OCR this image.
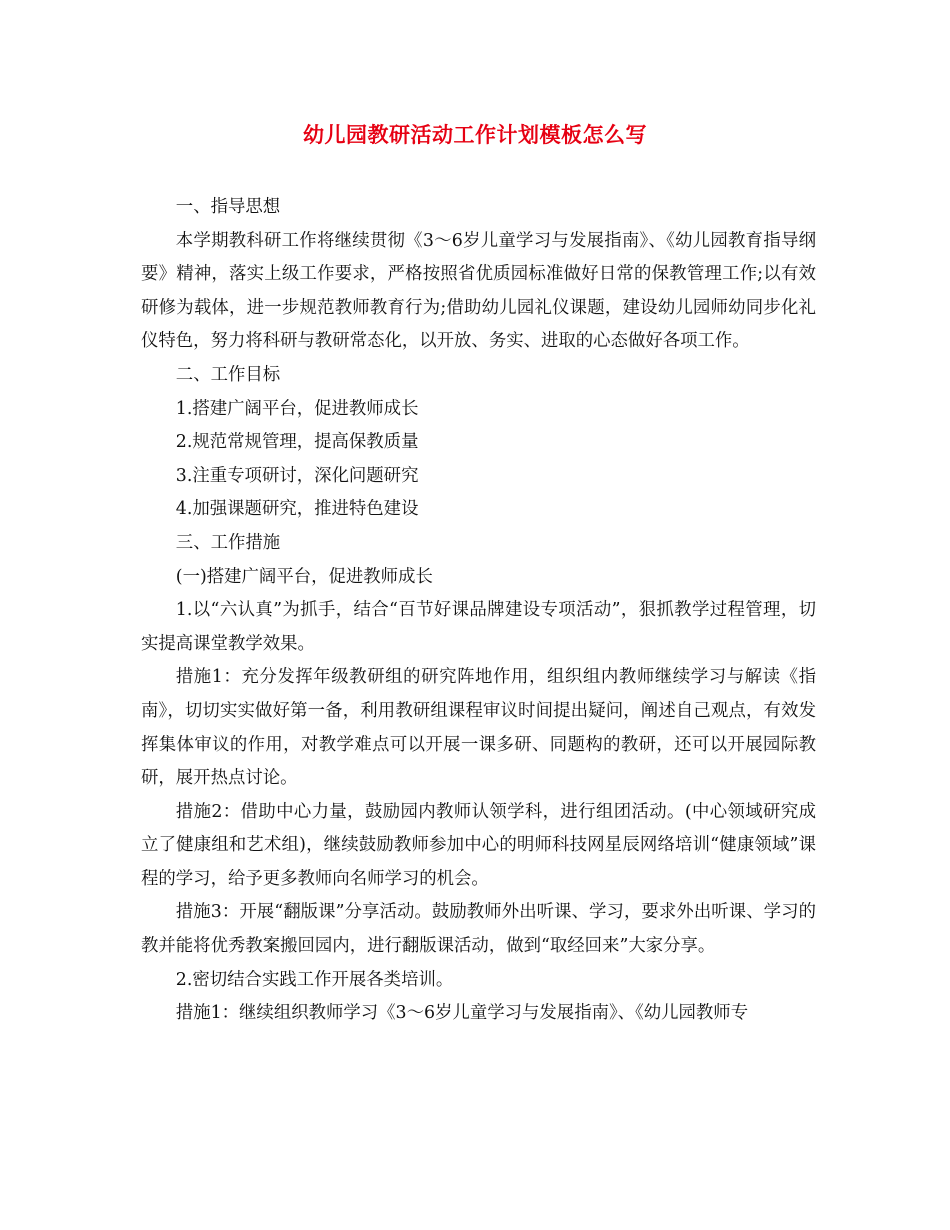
幼儿园教研活动工作计划模板怎么写

一、指导思想

本学期教科研工作将继续贯彻《3～6岁儿童学习与发展指南》、《幼儿园教育指导纲要》精神，落实上级工作要求，严格按照省优质园标准做好日常的保教管理工作;以有效研修为载体，进一步规范教师教育行为;借助幼儿园礼仪课题，建设幼儿园师幼同步化礼仪特色，努力将科研与教研常态化，以开放、务实、进取的心态做好各项工作。

二、工作目标

1.搭建广阔平台，促进教师成长

2.规范常规管理，提高保教质量

3.注重专项研讨，深化问题研究

4.加强课题研究，推进特色建设

三、工作措施

(一)搭建广阔平台，促进教师成长

1.以“六认真”为抓手，结合“百节好课品牌建设专项活动”，狠抓教学过程管理，切实提高课堂教学效果。

措施1：充分发挥年级教研组的研究阵地作用，组织组内教师继续学习与解读《指南》，切切实实做好第一备，利用教研组课程审议时间提出疑问，阐述自己观点，有效发挥集体审议的作用，对教学难点可以开展一课多研、同题构的教研，还可以开展园际教研，展开热点讨论。

措施2：借助中心力量，鼓励园内教师认领学科，进行组团活动。(中心领域研究成立了健康组和艺术组)，继续鼓励教师参加中心的明师科技网星辰网络培训“健康领域”课程的学习，给予更多教师向名师学习的机会。

措施3：开展“翻版课”分享活动。鼓励教师外出听课、学习，要求外出听课、学习的教并能将优秀教案搬回园内，进行翻版课活动，做到“取经回来”大家分享。

2.密切结合实践工作开展各类培训。

措施1：继续组织教师学习《3～6岁儿童学习与发展指南》、《幼儿园教师专
